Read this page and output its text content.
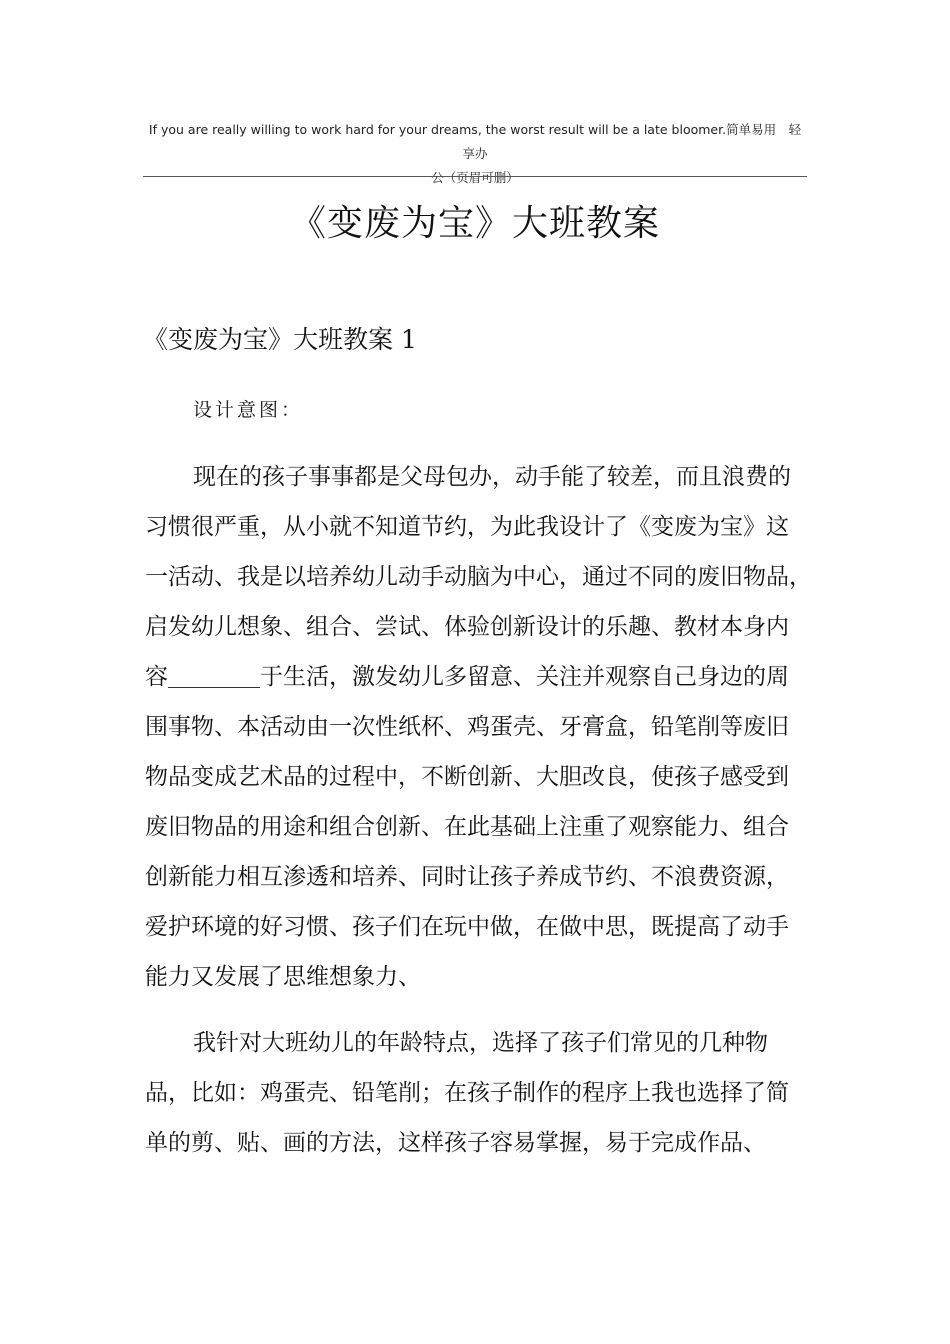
If you are really willing to work hard for your dreams, the worst result will be a late bloomer.简单易用　轻享办
公（页眉可删）
《变废为宝》大班教案
《变废为宝》大班教案 1
设计意图：
现在的孩子事事都是父母包办，动手能了较差，而且浪费的
习惯很严重，从小就不知道节约，为此我设计了《变废为宝》这
一活动、我是以培养幼儿动手动脑为中心，通过不同的废旧物品，
启发幼儿想象、组合、尝试、体验创新设计的乐趣、教材本身内
容	于生活，激发幼儿多留意、关注并观察自己身边的周
围事物、本活动由一次性纸杯、鸡蛋壳、牙膏盒，铅笔削等废旧
物品变成艺术品的过程中，不断创新、大胆改良，使孩子感受到
废旧物品的用途和组合创新、在此基础上注重了观察能力、组合
创新能力相互渗透和培养、同时让孩子养成节约、不浪费资源，
爱护环境的好习惯、孩子们在玩中做，在做中思，既提高了动手
能力又发展了思维想象力、
我针对大班幼儿的年龄特点，选择了孩子们常见的几种物
品，比如：鸡蛋壳、铅笔削；在孩子制作的程序上我也选择了简
单的剪、贴、画的方法，这样孩子容易掌握，易于完成作品、
